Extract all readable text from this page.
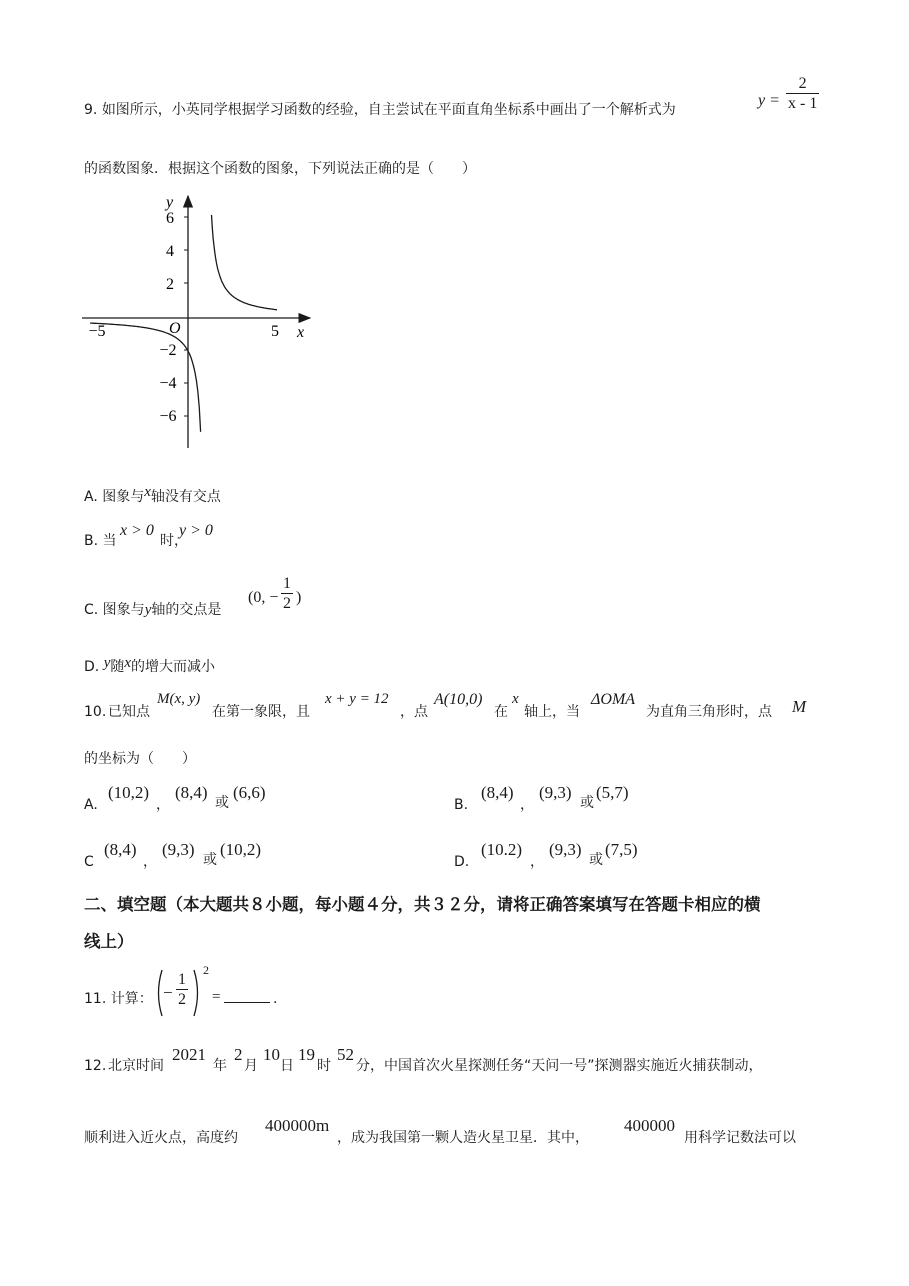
9. 如图所示，小英同学根据学习函数的经验，自主尝试在平面直角坐标系中画出了一个解析式为
$y = \frac{2}{x - 1}$
的函数图象．根据这个函数的图象，下列说法正确的是（　　）
6
4
2
−2
−4
−6
−5	5
O	x
y
A. 图象与x轴没有交点
B. 当
x > 0
时，
y > 0
C. 图象与y轴的交点是
(0, − $\frac{1}{2}$ )
D. y随x的增大而减小
10. 已知点
M(x, y)
在第一象限，且
x + y = 12
，点
A(10,0)
在
x
轴上，当
ΔOMA
为直角三角形时，点 M
的坐标为（　　）
A.
(10,2)
，
(8,4)
或
(6,6)
B.
(8,4)
，
(9,3)
或
(5,7)
C
(8,4)
，
(9,3)
或
(10,2)
D.
(10.2)
，
(9,3)
或
(7,5)
二、填空题（本大题共８小题，每小题４分，共３２分，请将正确答案填写在答题卡相应的横
线上）
11. 计算： − $\frac{1}{2}$
2
=	.
12. 北京时间
2021
年
2
月
10
日
19
时
52
分，中国首次火星探测任务“天问一号”探测器实施近火捕获制动，
顺利进入近火点，高度约
400000m
，成为我国第一颗人造火星卫星．其中，
400000
用科学记数法可以
